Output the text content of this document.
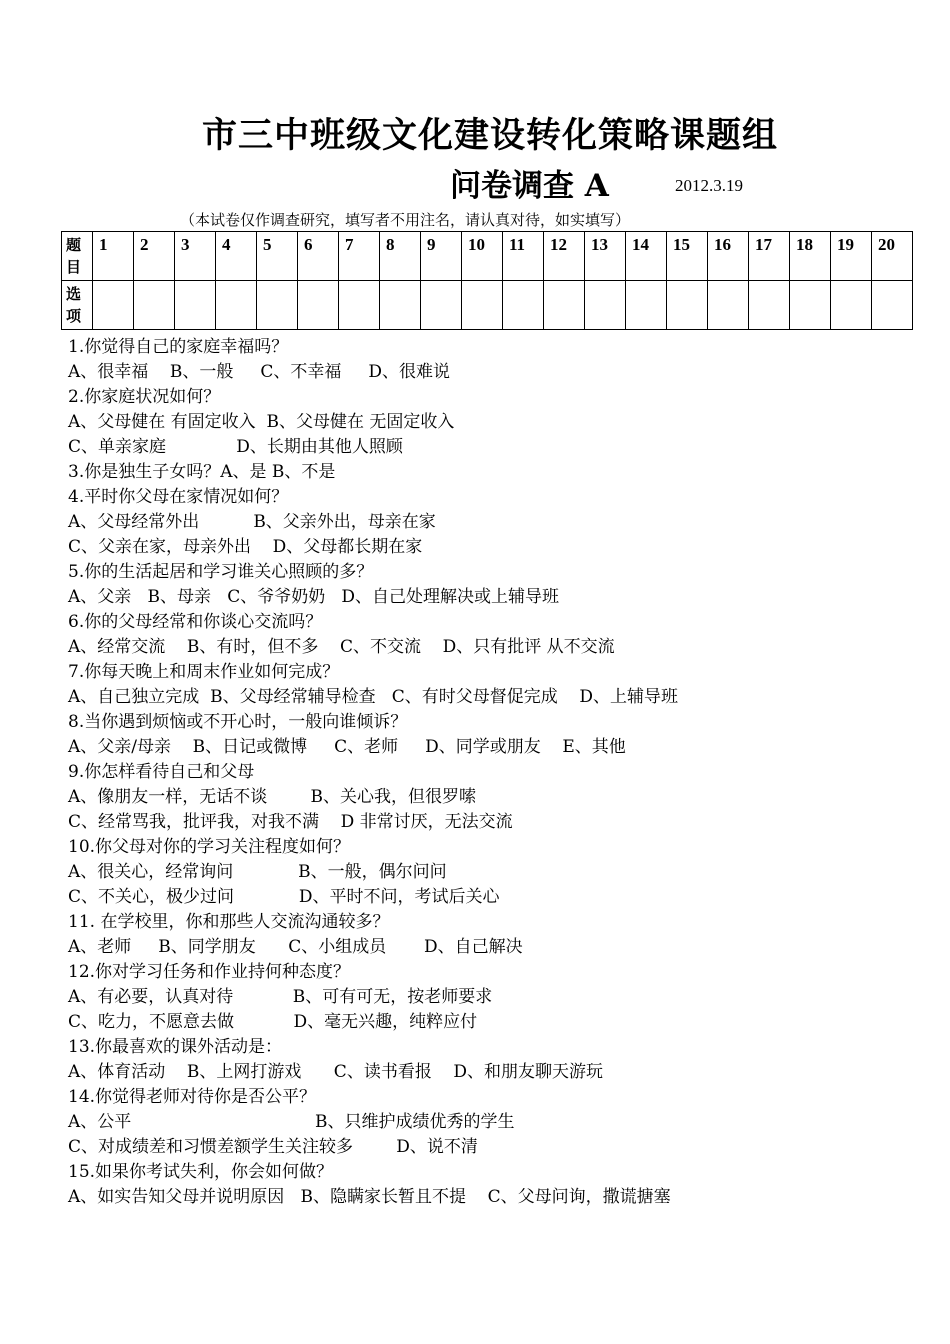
市三中班级文化建设转化策略课题组
问卷调查 A	2012.3.19
（本试卷仅作调查研究，填写者不用注名，请认真对待，如实填写）
题目	1	2	3	4	5	6	7	8	9	10	11	12	13	14	15	16	17	18	19	20
选项																				
1.你觉得自己的家庭幸福吗？
A、很幸福    B、一般     C、不幸福     D、很难说
2.你家庭状况如何？
A、父母健在 有固定收入  B、父母健在 无固定收入
C、单亲家庭             D、长期由其他人照顾
3.你是独生子女吗？A、是 B、不是
4.平时你父母在家情况如何？
A、父母经常外出          B、父亲外出，母亲在家
C、父亲在家，母亲外出    D、父母都长期在家
5.你的生活起居和学习谁关心照顾的多？
A、父亲   B、母亲   C、爷爷奶奶   D、自己处理解决或上辅导班
6.你的父母经常和你谈心交流吗？
A、经常交流    B、有时，但不多    C、不交流    D、只有批评 从不交流
7.你每天晚上和周末作业如何完成？
A、自己独立完成  B、父母经常辅导检查   C、有时父母督促完成    D、上辅导班
8.当你遇到烦恼或不开心时，一般向谁倾诉？
A、父亲/母亲    B、日记或微博     C、老师     D、同学或朋友    E、其他
9.你怎样看待自己和父母
A、像朋友一样，无话不谈        B、关心我，但很罗嗦
C、经常骂我，批评我，对我不满    D 非常讨厌，无法交流
10.你父母对你的学习关注程度如何？
A、很关心，经常询问            B、一般，偶尔问问
C、不关心，极少过问            D、平时不问，考试后关心
11. 在学校里，你和那些人交流沟通较多？
A、老师     B、同学朋友      C、小组成员       D、自己解决
12.你对学习任务和作业持何种态度？
A、有必要，认真对待           B、可有可无，按老师要求
C、吃力，不愿意去做           D、毫无兴趣，纯粹应付
13.你最喜欢的课外活动是：
A、体育活动    B、上网打游戏      C、读书看报    D、和朋友聊天游玩
14.你觉得老师对待你是否公平？
A、公平                                  B、只维护成绩优秀的学生
C、对成绩差和习惯差额学生关注较多        D、说不清
15.如果你考试失利，你会如何做？
A、如实告知父母并说明原因   B、隐瞒家长暂且不提    C、父母问询，撒谎搪塞
